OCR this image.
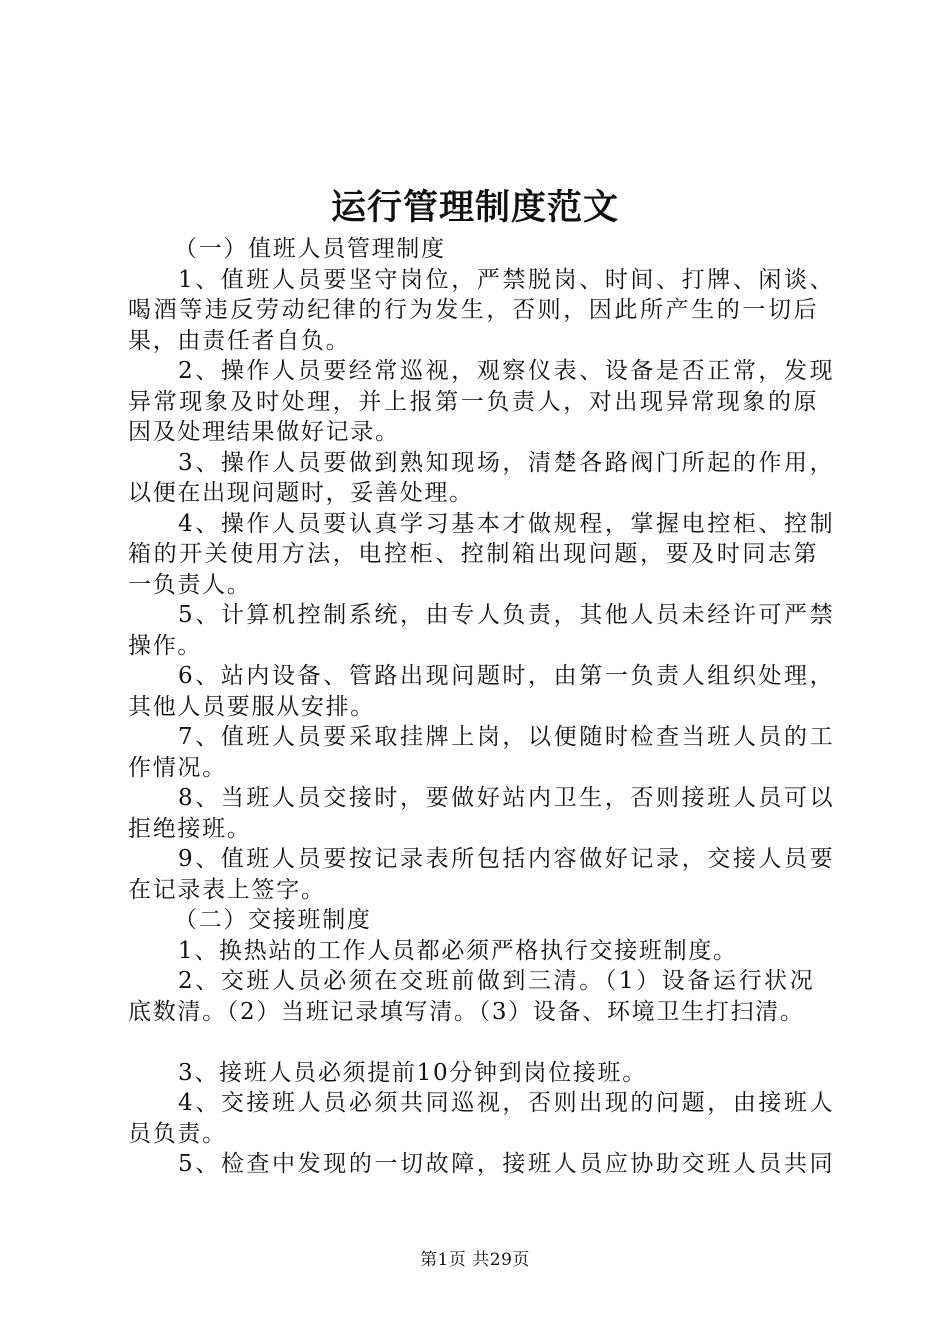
运行管理制度范文
（一）值班人员管理制度
1、值班人员要坚守岗位，严禁脱岗、时间、打牌、闲谈、
喝酒等违反劳动纪律的行为发生，否则，因此所产生的一切后
果，由责任者自负。
2、操作人员要经常巡视，观察仪表、设备是否正常，发现
异常现象及时处理，并上报第一负责人，对出现异常现象的原
因及处理结果做好记录。
3、操作人员要做到熟知现场，清楚各路阀门所起的作用，
以便在出现问题时，妥善处理。
4、操作人员要认真学习基本才做规程，掌握电控柜、控制
箱的开关使用方法，电控柜、控制箱出现问题，要及时同志第
一负责人。
5、计算机控制系统，由专人负责，其他人员未经许可严禁
操作。
6、站内设备、管路出现问题时，由第一负责人组织处理，
其他人员要服从安排。
7、值班人员要采取挂牌上岗，以便随时检查当班人员的工
作情况。
8、当班人员交接时，要做好站内卫生，否则接班人员可以
拒绝接班。
9、值班人员要按记录表所包括内容做好记录，交接人员要
在记录表上签字。
（二）交接班制度
1、换热站的工作人员都必须严格执行交接班制度。
2、交班人员必须在交班前做到三清。（1）设备运行状况
底数清。（2）当班记录填写清。（3）设备、环境卫生打扫清。
3、接班人员必须提前10分钟到岗位接班。
4、交接班人员必须共同巡视，否则出现的问题，由接班人
员负责。
5、检查中发现的一切故障，接班人员应协助交班人员共同
第1页 共29页
